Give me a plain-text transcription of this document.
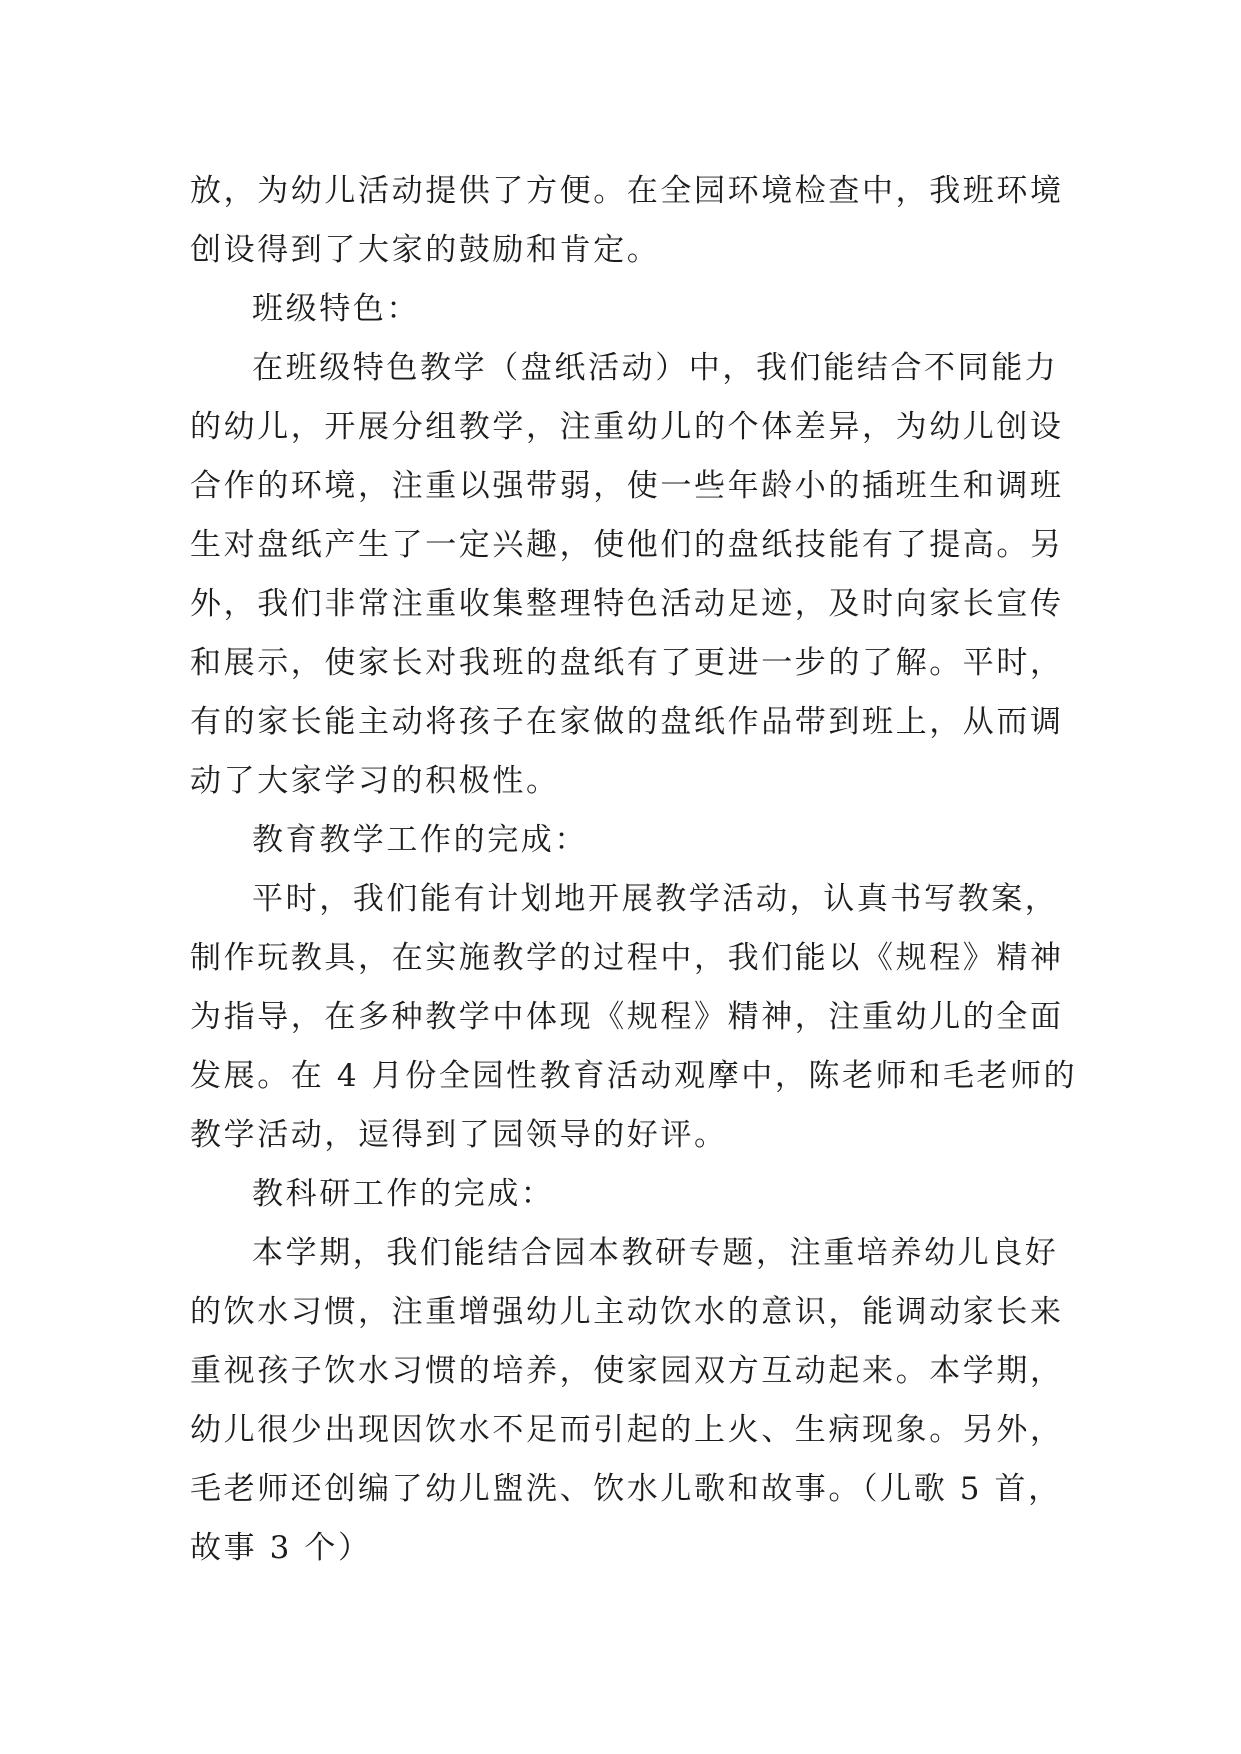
放，为幼儿活动提供了方便。在全园环境检查中，我班环境
创设得到了大家的鼓励和肯定。
班级特色：
在班级特色教学（盘纸活动）中，我们能结合不同能力
的幼儿，开展分组教学，注重幼儿的个体差异，为幼儿创设
合作的环境，注重以强带弱，使一些年龄小的插班生和调班
生对盘纸产生了一定兴趣，使他们的盘纸技能有了提高。另
外，我们非常注重收集整理特色活动足迹，及时向家长宣传
和展示，使家长对我班的盘纸有了更进一步的了解。平时，
有的家长能主动将孩子在家做的盘纸作品带到班上，从而调
动了大家学习的积极性。
教育教学工作的完成：
平时，我们能有计划地开展教学活动，认真书写教案，
制作玩教具，在实施教学的过程中，我们能以《规程》精神
为指导，在多种教学中体现《规程》精神，注重幼儿的全面
发展。在 4 月份全园性教育活动观摩中，陈老师和毛老师的
教学活动，逗得到了园领导的好评。
教科研工作的完成：
本学期，我们能结合园本教研专题，注重培养幼儿良好
的饮水习惯，注重增强幼儿主动饮水的意识，能调动家长来
重视孩子饮水习惯的培养，使家园双方互动起来。本学期，
幼儿很少出现因饮水不足而引起的上火、生病现象。另外，
毛老师还创编了幼儿盥洗、饮水儿歌和故事。（儿歌 5 首，
故事 3 个）
